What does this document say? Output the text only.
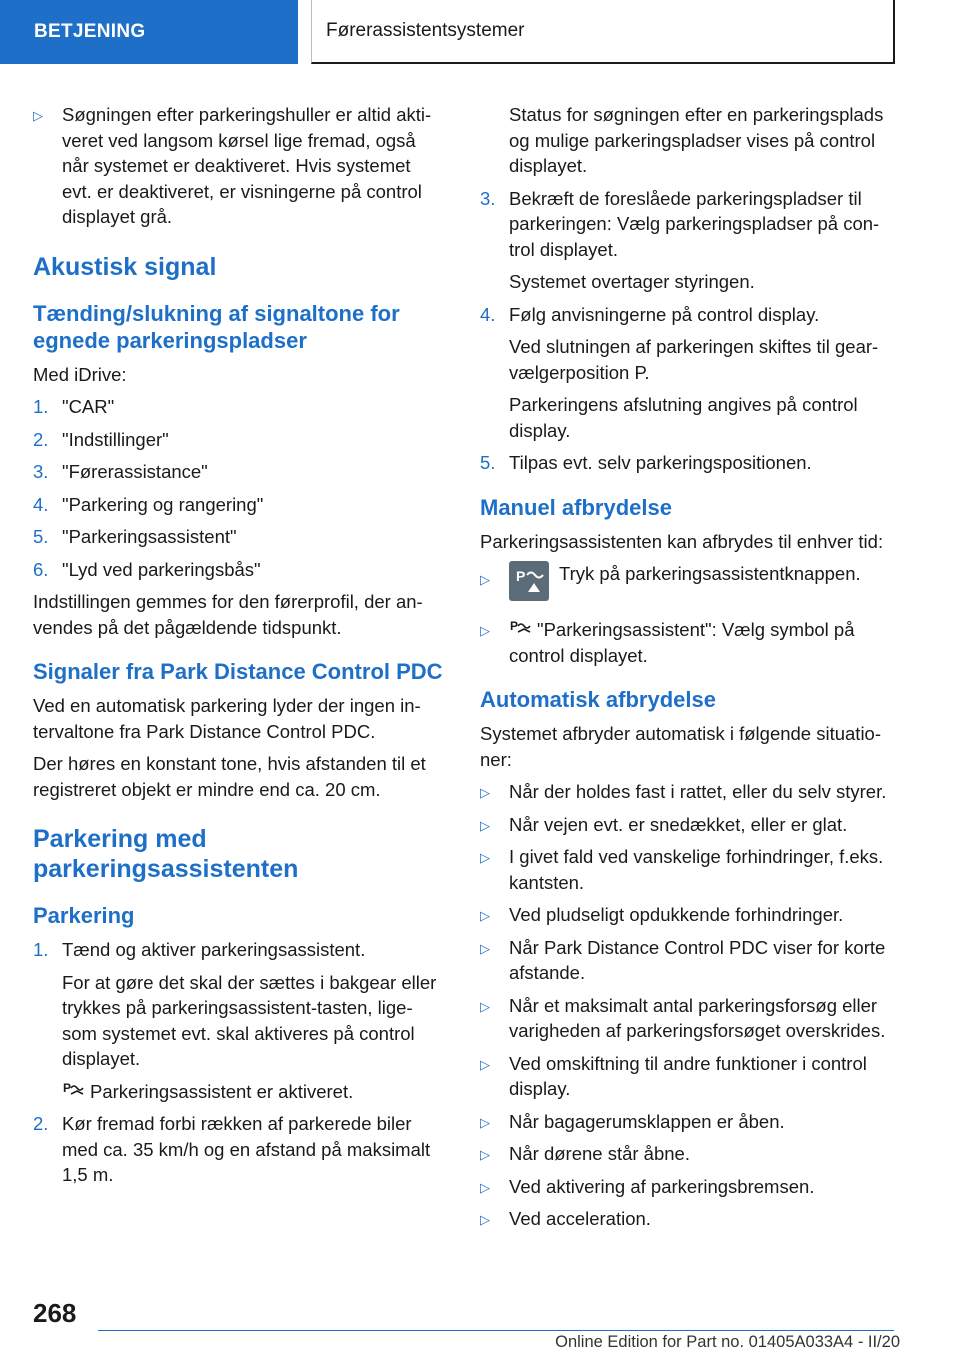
BETJENING	Førerassistentsystemer
▷ Søgningen efter parkeringshuller er altid akti-veret ved langsom kørsel lige fremad, også når systemet er deaktiveret. Hvis systemet evt. er deaktiveret, er visningerne på control displayet grå.
Akustisk signal
Tænding/slukning af signaltone for egnede parkeringspladser

Med iDrive:

1. "CAR"
2. "Indstillinger"
3. "Førerassistance"
4. "Parkering og rangering"
5. "Parkeringsassistent"
6. "Lyd ved parkeringsbås"

Indstillingen gemmes for den førerprofil, der an-vendes på det pågældende tidspunkt.

Signaler fra Park Distance Control PDC

Ved en automatisk parkering lyder der ingen in-tervaltone fra Park Distance Control PDC.

Der høres en konstant tone, hvis afstanden til et registreret objekt er mindre end ca. 20 cm.

Parkering med parkeringsassistenten
Parkering
1. Tænd og aktiver parkeringsassistent.
For at gøre det skal der sættes i bakgear eller trykkes på parkeringsassistent-tasten, lige-som systemet evt. skal aktiveres på control displayet.
P Parkeringsassistent er aktiveret.
2. Kør fremad forbi rækken af parkerede biler med ca. 35 km/h og en afstand på maksimalt 1,5 m.
Status for søgningen efter en parkeringsplads og mulige parkeringspladser vises på control displayet.
3. Bekræft de foreslåede parkeringspladser til parkeringen: Vælg parkeringspladser på con-trol displayet.
Systemet overtager styringen.
4. Følg anvisningerne på control display.
Ved slutningen af parkeringen skiftes til gear-vælgerposition P.
Parkeringens afslutning angives på control display.
5. Tilpas evt. selv parkeringspositionen.
Manuel afbrydelse

Parkeringsassistenten kan afbrydes til enhver tid:

▷ P Tryk på parkeringsassistentknappen.
▷ P "Parkeringsassistent": Vælg symbol på control displayet.
Automatisk afbrydelse

Systemet afbryder automatisk i følgende situatio-ner:

▷ Når der holdes fast i rattet, eller du selv styrer.
▷ Når vejen evt. er snedækket, eller er glat.
▷ I givet fald ved vanskelige forhindringer, f.eks. kantsten.
▷ Ved pludseligt opdukkende forhindringer.
▷ Når Park Distance Control PDC viser for korte afstande.
▷ Når et maksimalt antal parkeringsforsøg eller varigheden af parkeringsforsøget overskrides.
▷ Ved omskiftning til andre funktioner i control display.
▷ Når bagagerumsklappen er åben.
▷ Når dørene står åbne.
▷ Ved aktivering af parkeringsbremsen.
▷ Ved acceleration.
268
Online Edition for Part no. 01405A033A4 - II/20
